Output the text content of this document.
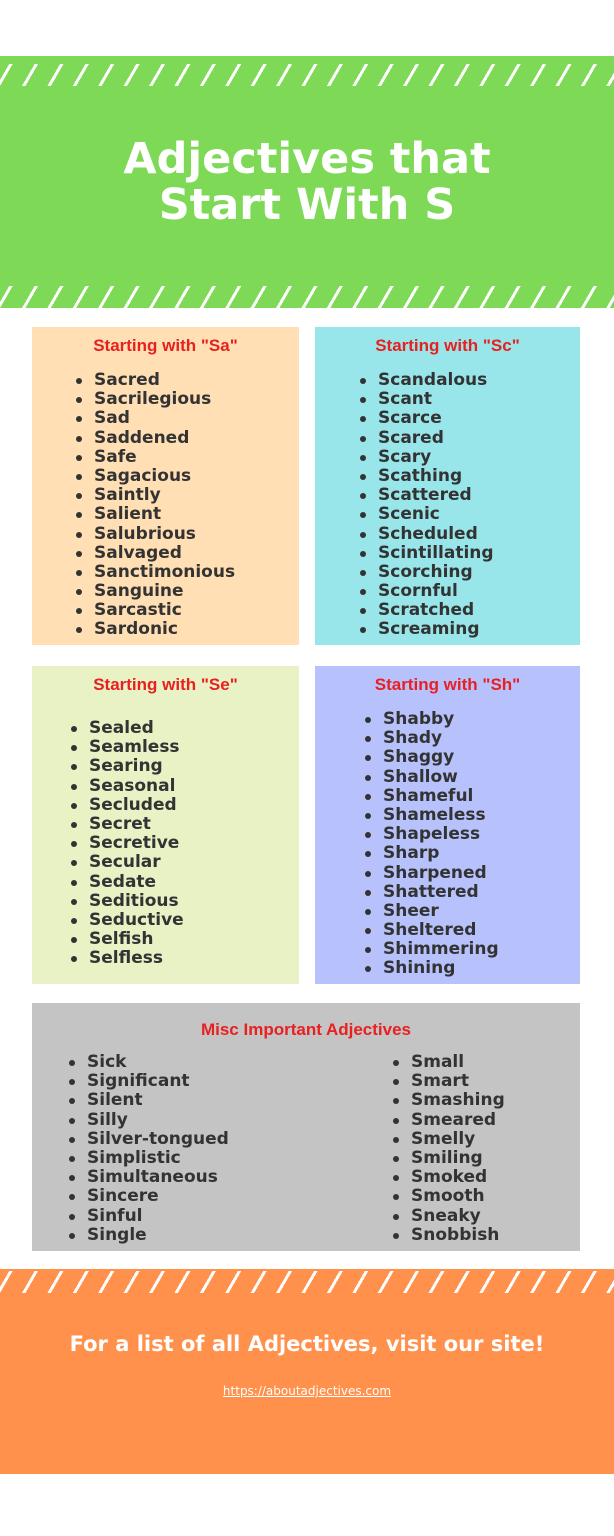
Adjectives that
Start With S
Starting with "Sa"
Sacred
Sacrilegious
Sad
Saddened
Safe
Sagacious
Saintly
Salient
Salubrious
Salvaged
Sanctimonious
Sanguine
Sarcastic
Sardonic
Starting with "Sc"
Scandalous
Scant
Scarce
Scared
Scary
Scathing
Scattered
Scenic
Scheduled
Scintillating
Scorching
Scornful
Scratched
Screaming
Starting with "Se"
Sealed
Seamless
Searing
Seasonal
Secluded
Secret
Secretive
Secular
Sedate
Seditious
Seductive
Selfish
Selfless
Starting with "Sh"
Shabby
Shady
Shaggy
Shallow
Shameful
Shameless
Shapeless
Sharp
Sharpened
Shattered
Sheer
Sheltered
Shimmering
Shining
Misc Important Adjectives
Sick
Significant
Silent
Silly
Silver-tongued
Simplistic
Simultaneous
Sincere
Sinful
Single
Small
Smart
Smashing
Smeared
Smelly
Smiling
Smoked
Smooth
Sneaky
Snobbish
For a list of all Adjectives, visit our site!
https://aboutadjectives.com
